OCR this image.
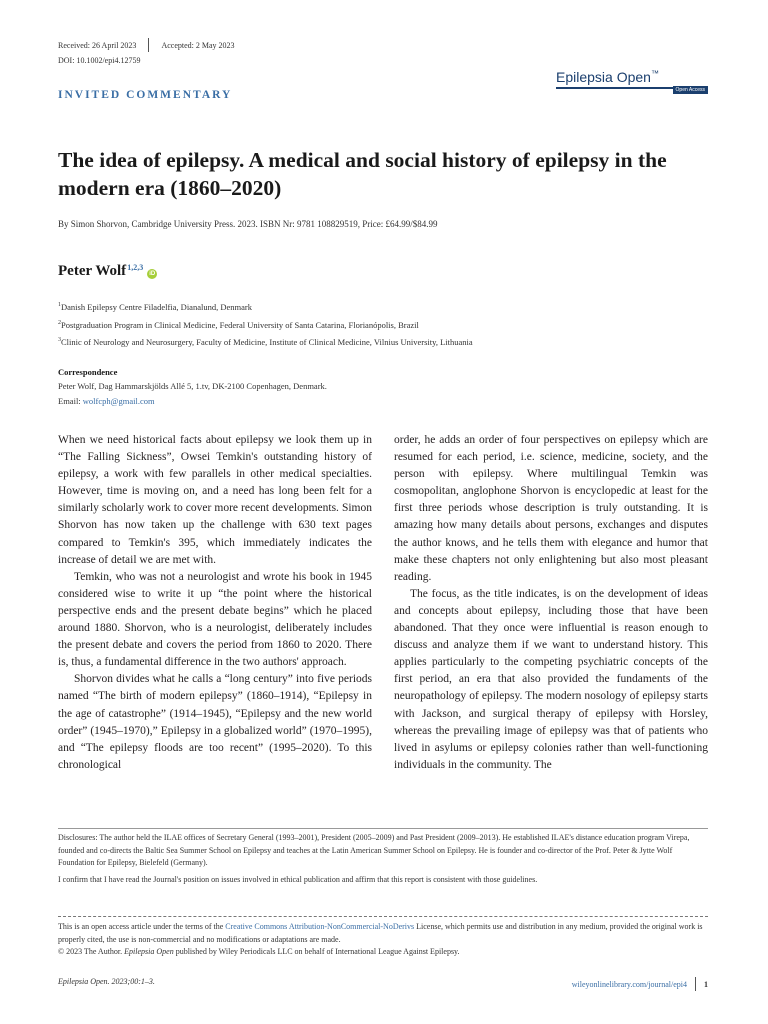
Received: 26 April 2023	Accepted: 2 May 2023
DOI: 10.1002/epi4.12759
Epilepsia Open™
Open Access
INVITED COMMENTARY
The idea of epilepsy. A medical and social history of epilepsy in the modern era (1860–2020)
By Simon Shorvon, Cambridge University Press. 2023. ISBN Nr: 9781 108829519, Price: £64.99/$84.99
Peter Wolf$^{1,2,3}$
iD
$^1$Danish Epilepsy Centre Filadelfia, Dianalund, Denmark
$^2$Postgraduation Program in Clinical Medicine, Federal University of Santa Catarina, Florianópolis, Brazil
$^3$Clinic of Neurology and Neurosurgery, Faculty of Medicine, Institute of Clinical Medicine, Vilnius University, Lithuania
Correspondence
Peter Wolf, Dag Hammarskjölds Allé 5, 1.tv, DK-2100 Copenhagen, Denmark.
Email: wolfcph@gmail.com

When we need historical facts about epilepsy we look them up in “The Falling Sickness”, Owsei Temkin's outstanding history of epilepsy, a work with few parallels in other medical specialties. However, time is moving on, and a need has long been felt for a similarly scholarly work to cover more recent developments. Simon Shorvon has now taken up the challenge with 630 text pages compared to Temkin's 395, which immediately indicates the increase of detail we are met with.

Temkin, who was not a neurologist and wrote his book in 1945 considered wise to write it up “the point where the historical perspective ends and the present debate begins” which he placed around 1880. Shorvon, who is a neurologist, deliberately includes the present debate and covers the period from 1860 to 2020. There is, thus, a fundamental difference in the two authors' approach.

Shorvon divides what he calls a “long century” into five periods named “The birth of modern epilepsy” (1860–1914), “Epilepsy in the age of catastrophe” (1914–1945), “Epilepsy and the new world order” (1945–1970),” Epilepsy in a globalized world” (1970–1995), and “The epilepsy floods are too recent” (1995–2020). To this chronological

order, he adds an order of four perspectives on epilepsy which are resumed for each period, i.e. science, medicine, society, and the person with epilepsy. Where multilingual Temkin was cosmopolitan, anglophone Shorvon is encyclopedic at least for the first three periods whose description is truly outstanding. It is amazing how many details about persons, exchanges and disputes the author knows, and he tells them with elegance and humor that make these chapters not only enlightening but also most pleasant reading.

The focus, as the title indicates, is on the development of ideas and concepts about epilepsy, including those that have been abandoned. That they once were influential is reason enough to discuss and analyze them if we want to understand history. This applies particularly to the competing psychiatric concepts of the first period, an era that also provided the fundaments of the neuropathology of epilepsy. The modern nosology of epilepsy starts with Jackson, and surgical therapy of epilepsy with Horsley, whereas the prevailing image of epilepsy was that of patients who lived in asylums or epilepsy colonies rather than well-functioning individuals in the community. The

Disclosures: The author held the ILAE offices of Secretary General (1993–2001), President (2005–2009) and Past President (2009–2013). He established ILAE's distance education program Virepa, founded and co-directs the Baltic Sea Summer School on Epilepsy and teaches at the Latin American Summer School on Epilepsy. He is founder and co-director of the Prof. Peter & Jytte Wolf Foundation for Epilepsy, Bielefeld (Germany).

I confirm that I have read the Journal's position on issues involved in ethical publication and affirm that this report is consistent with those guidelines.

This is an open access article under the terms of the Creative Commons Attribution-NonCommercial-NoDerivs License, which permits use and distribution in any medium, provided the original work is properly cited, the use is non-commercial and no modifications or adaptations are made.

© 2023 The Author. Epilepsia Open published by Wiley Periodicals LLC on behalf of International League Against Epilepsy.

Epilepsia Open. 2023;00:1–3.	wileyonlinelibrary.com/journal/epi4 1
